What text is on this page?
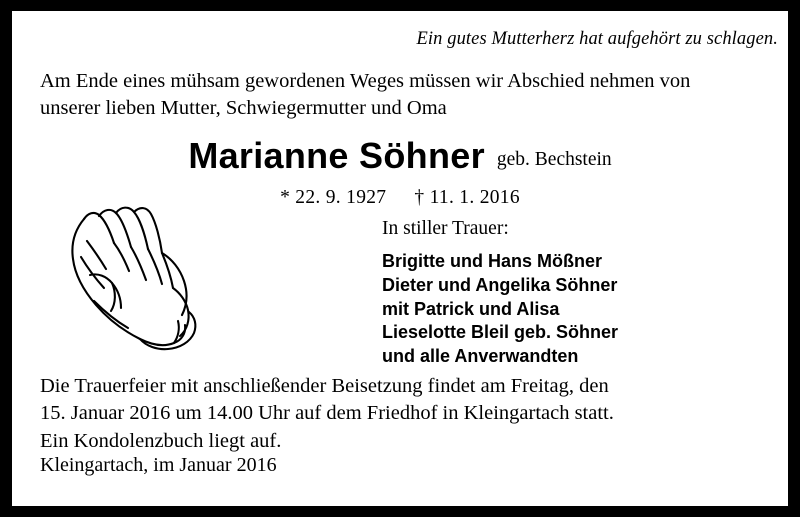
Ein gutes Mutterherz hat aufgehört zu schlagen.
Am Ende eines mühsam gewordenen Weges müssen wir Abschied nehmen von
unserer lieben Mutter, Schwiegermutter und Oma
Marianne Söhner geb. Bechstein
* 22. 9. 1927 † 11. 1. 2016
In stiller Trauer:
Brigitte und Hans Mößner
Dieter und Angelika Söhner
mit Patrick und Alisa
Lieselotte Bleil geb. Söhner
und alle Anverwandten
Die Trauerfeier mit anschließender Beisetzung findet am Freitag, den
15. Januar 2016 um 14.00 Uhr auf dem Friedhof in Kleingartach statt.
Ein Kondolenzbuch liegt auf.
Kleingartach, im Januar 2016
